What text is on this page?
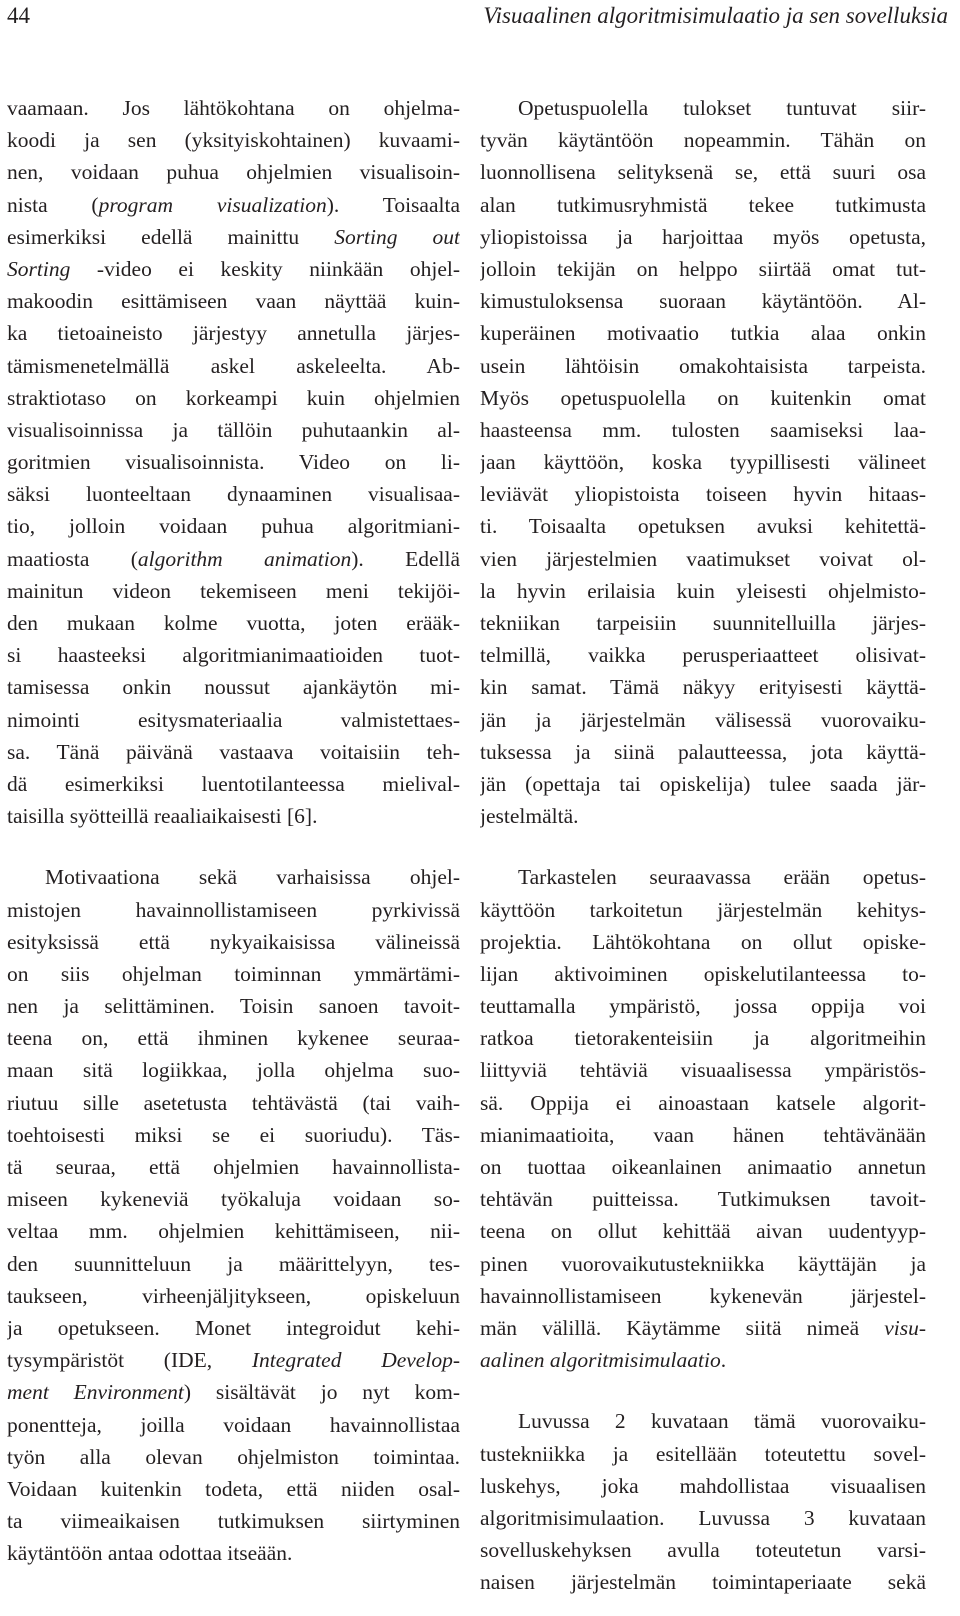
44	Visuaalinen algoritmisimulaatio ja sen sovelluksia
vaamaan. Jos lähtökohtana on ohjelma-
koodi ja sen (yksityiskohtainen) kuvaami-
nen, voidaan puhua ohjelmien visualisoin-
nista (program visualization). Toisaalta
esimerkiksi edellä mainittu Sorting out
Sorting -video ei keskity niinkään ohjel-
makoodin esittämiseen vaan näyttää kuin-
ka tietoaineisto järjestyy annetulla järjes-
tämismenetelmällä askel askeleelta. Ab-
straktiotaso on korkeampi kuin ohjelmien
visualisoinnissa ja tällöin puhutaankin al-
goritmien visualisoinnista. Video on li-
säksi luonteeltaan dynaaminen visualisaa-
tio, jolloin voidaan puhua algoritmiani-
maatiosta (algorithm animation). Edellä
mainitun videon tekemiseen meni tekijöi-
den mukaan kolme vuotta, joten erääk-
si haasteeksi algoritmianimaatioiden tuot-
tamisessa onkin noussut ajankäytön mi-
nimointi esitysmateriaalia valmistettaes-
sa. Tänä päivänä vastaava voitaisiin teh-
dä esimerkiksi luentotilanteessa mielival-
taisilla syötteillä reaaliaikaisesti [6].
Motivaationa sekä varhaisissa ohjel-
mistojen havainnollistamiseen pyrkivissä
esityksissä että nykyaikaisissa välineissä
on siis ohjelman toiminnan ymmärtämi-
nen ja selittäminen. Toisin sanoen tavoit-
teena on, että ihminen kykenee seuraa-
maan sitä logiikkaa, jolla ohjelma suo-
riutuu sille asetetusta tehtävästä (tai vaih-
toehtoisesti miksi se ei suoriudu). Täs-
tä seuraa, että ohjelmien havainnollista-
miseen kykeneviä työkaluja voidaan so-
veltaa mm. ohjelmien kehittämiseen, nii-
den suunnitteluun ja määrittelyyn, tes-
taukseen, virheenjäljitykseen, opiskeluun
ja opetukseen. Monet integroidut kehi-
tysympäristöt (IDE, Integrated Develop-
ment Environment) sisältävät jo nyt kom-
ponentteja, joilla voidaan havainnollistaa
työn alla olevan ohjelmiston toimintaa.
Voidaan kuitenkin todeta, että niiden osal-
ta viimeaikaisen tutkimuksen siirtyminen
käytäntöön antaa odottaa itseään.
Opetuspuolella tulokset tuntuvat siir-
tyvän käytäntöön nopeammin. Tähän on
luonnollisena selityksenä se, että suuri osa
alan tutkimusryhmistä tekee tutkimusta
yliopistoissa ja harjoittaa myös opetusta,
jolloin tekijän on helppo siirtää omat tut-
kimustuloksensa suoraan käytäntöön. Al-
kuperäinen motivaatio tutkia alaa onkin
usein lähtöisin omakohtaisista tarpeista.
Myös opetuspuolella on kuitenkin omat
haasteensa mm. tulosten saamiseksi laa-
jaan käyttöön, koska tyypillisesti välineet
leviävät yliopistoista toiseen hyvin hitaas-
ti. Toisaalta opetuksen avuksi kehitettä-
vien järjestelmien vaatimukset voivat ol-
la hyvin erilaisia kuin yleisesti ohjelmisto-
tekniikan tarpeisiin suunnitelluilla järjes-
telmillä, vaikka perusperiaatteet olisivat-
kin samat. Tämä näkyy erityisesti käyttä-
jän ja järjestelmän välisessä vuorovaiku-
tuksessa ja siinä palautteessa, jota käyttä-
jän (opettaja tai opiskelija) tulee saada jär-
jestelmältä.
Tarkastelen seuraavassa erään opetus-
käyttöön tarkoitetun järjestelmän kehitys-
projektia. Lähtökohtana on ollut opiske-
lijan aktivoiminen opiskelutilanteessa to-
teuttamalla ympäristö, jossa oppija voi
ratkoa tietorakenteisiin ja algoritmeihin
liittyviä tehtäviä visuaalisessa ympäristös-
sä. Oppija ei ainoastaan katsele algorit-
mianimaatioita, vaan hänen tehtävänään
on tuottaa oikeanlainen animaatio annetun
tehtävän puitteissa. Tutkimuksen tavoit-
teena on ollut kehittää aivan uudentyyp-
pinen vuorovaikutustekniikka käyttäjän ja
havainnollistamiseen kykenevän järjestel-
män välillä. Käytämme siitä nimeä visu-
aalinen algoritmisimulaatio.
Luvussa 2 kuvataan tämä vuorovaiku-
tustekniikka ja esitellään toteutettu sovel-
luskehys, joka mahdollistaa visuaalisen
algoritmisimulaation. Luvussa 3 kuvataan
sovelluskehyksen avulla toteutetun varsi-
naisen järjestelmän toimintaperiaate sekä
